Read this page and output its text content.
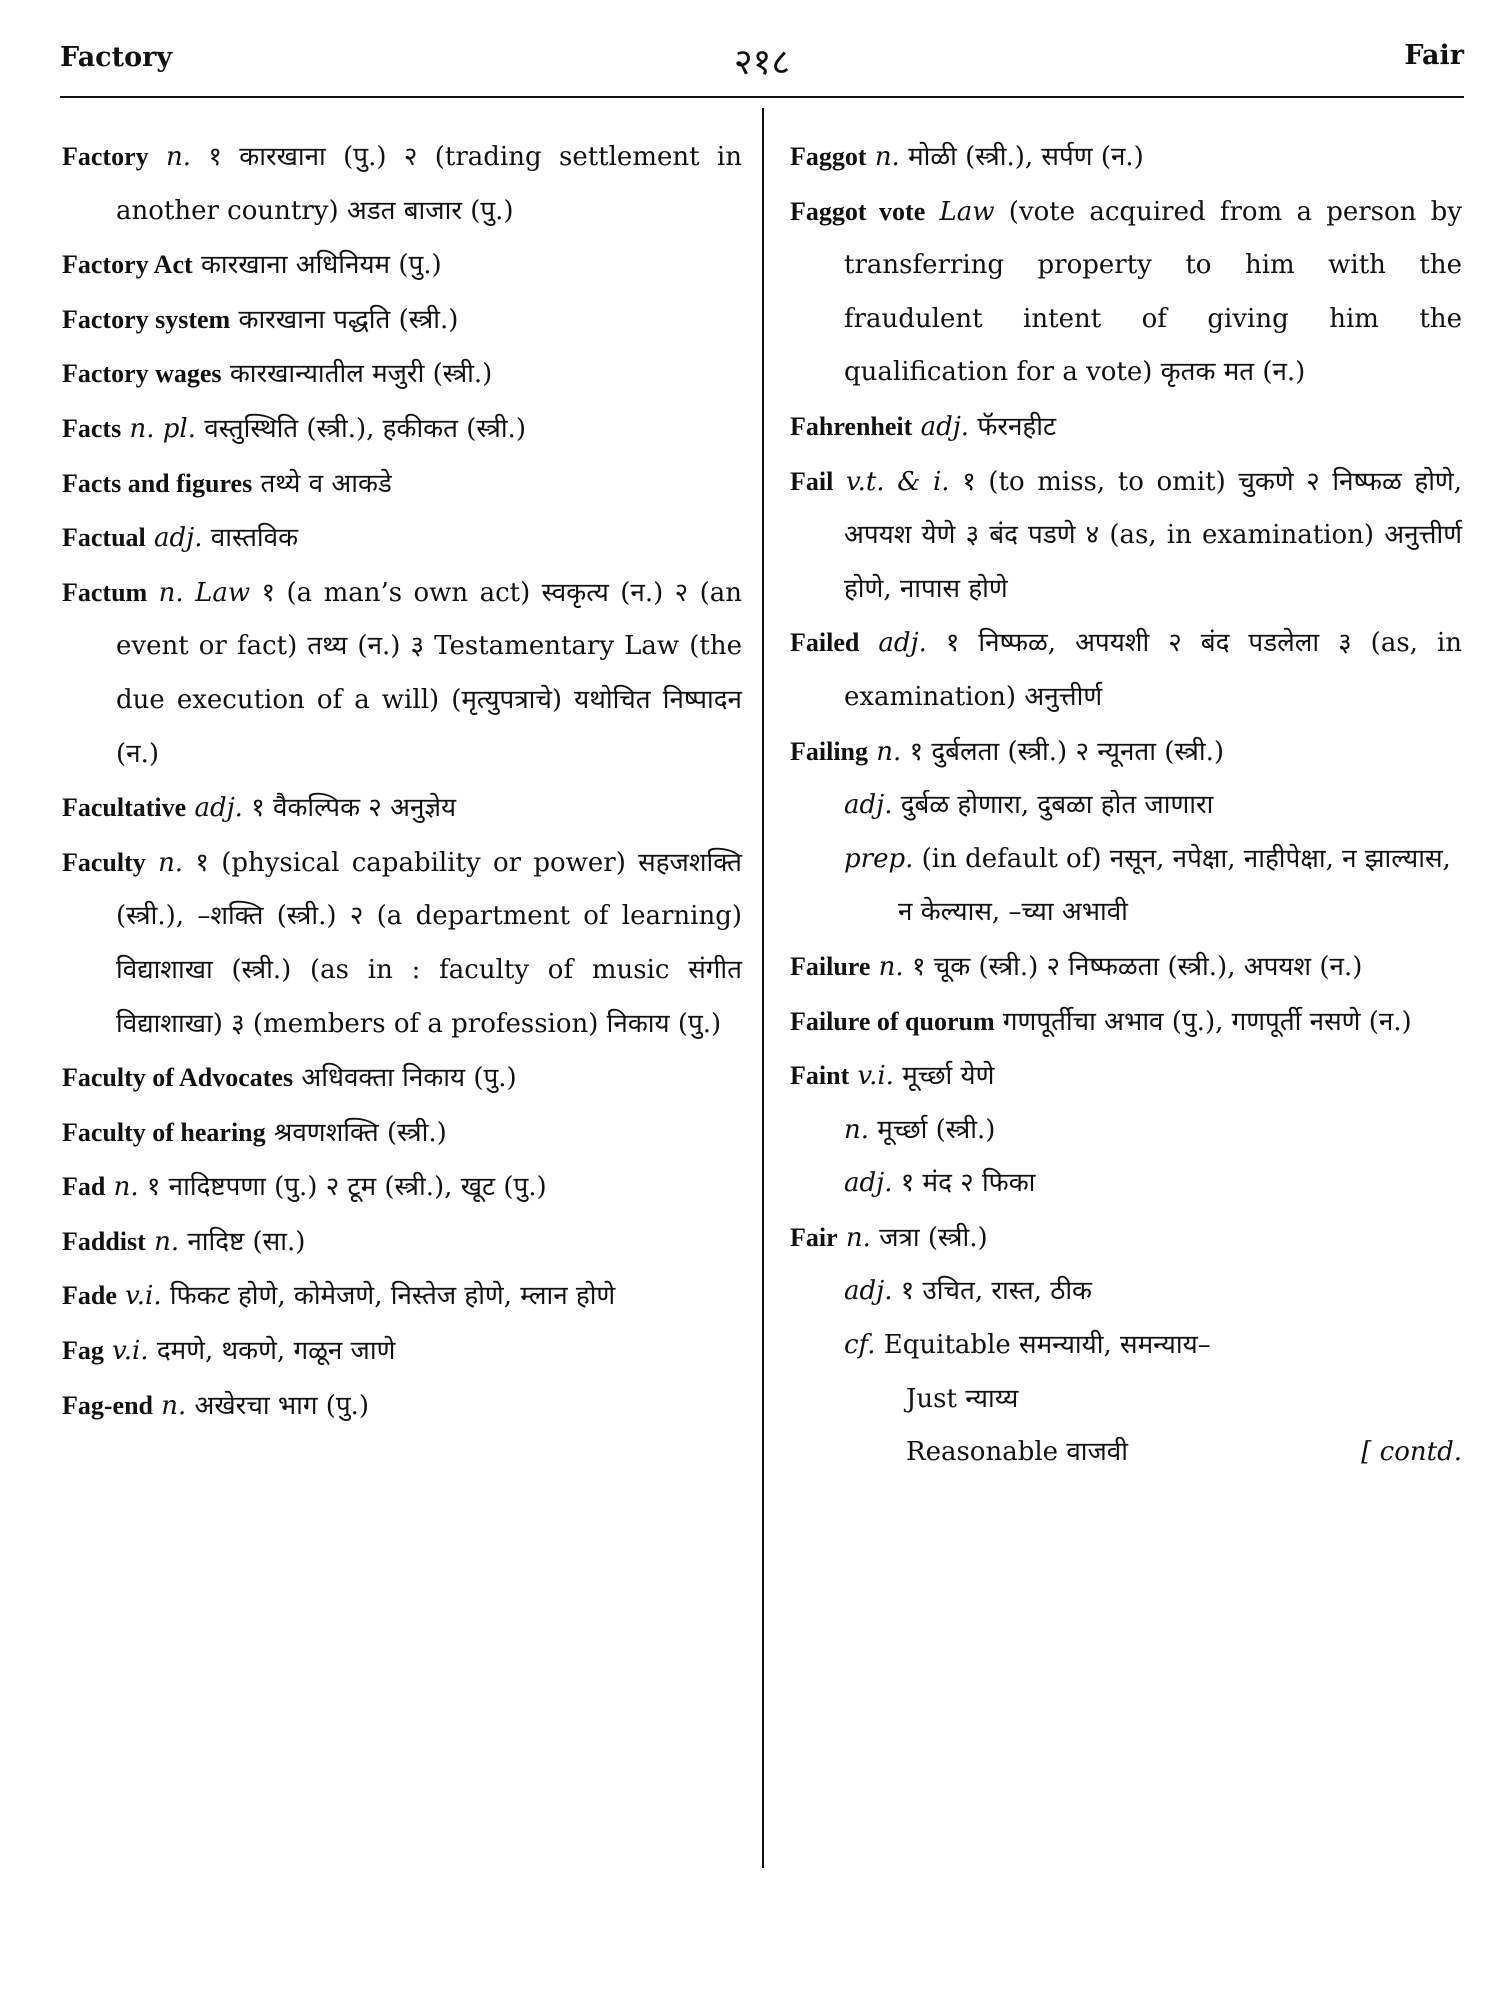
Factory	२१८	Fair

Factory n. १ कारखाना (पु.) २ (trading settlement in another country) अडत बाजार (पु.)

Factory Act कारखाना अधिनियम (पु.)

Factory system कारखाना पद्धति (स्त्री.)

Factory wages कारखान्यातील मजुरी (स्त्री.)

Facts n. pl. वस्तुस्थिति (स्त्री.), हकीकत (स्त्री.)

Facts and figures तथ्ये व आकडे

Factual adj. वास्तविक

Factum n. Law १ (a man’s own act) स्वकृत्य (न.) २ (an event or fact) तथ्य (न.) ३ Testamentary Law (the due execution of a will) (मृत्युपत्राचे) यथोचित निष्पादन (न.)

Facultative adj. १ वैकल्पिक २ अनुज्ञेय

Faculty n. १ (physical capability or power) सहजशक्ति (स्त्री.), –शक्ति (स्त्री.) २ (a department of learning) विद्याशाखा (स्त्री.) (as in : faculty of music संगीत विद्याशाखा) ३ (members of a profession) निकाय (पु.)

Faculty of Advocates अधिवक्ता निकाय (पु.)

Faculty of hearing श्रवणशक्ति (स्त्री.)

Fad n. १ नादिष्टपणा (पु.) २ टूम (स्त्री.), खूट (पु.)

Faddist n. नादिष्ट (सा.)

Fade v.i. फिकट होणे, कोमेजणे, निस्तेज होणे, म्लान होणे

Fag v.i. दमणे, थकणे, गळून जाणे

Fag-end n. अखेरचा भाग (पु.)

Faggot n. मोळी (स्त्री.), सर्पण (न.)

Faggot vote Law (vote acquired from a person by transferring property to him with the fraudulent intent of giving him the qualification for a vote) कृतक मत (न.)

Fahrenheit adj. फॅरनहीट

Fail v.t. & i. १ (to miss, to omit) चुकणे २ निष्फळ होणे, अपयश येणे ३ बंद पडणे ४ (as, in examination) अनुत्तीर्ण होणे, नापास होणे

Failed adj. १ निष्फळ, अपयशी २ बंद पडलेला ३ (as, in examination) अनुत्तीर्ण

Failing n. १ दुर्बलता (स्त्री.) २ न्यूनता (स्त्री.)

adj. दुर्बळ होणारा, दुबळा होत जाणारा

prep. (in default of) नसून, नपेक्षा, नाहीपेक्षा, न झाल्यास, न केल्यास, –च्या अभावी

Failure n. १ चूक (स्त्री.) २ निष्फळता (स्त्री.), अपयश (न.)

Failure of quorum गणपूर्तीचा अभाव (पु.), गणपूर्ती नसणे (न.)

Faint v.i. मूर्च्छा येणे

n. मूर्च्छा (स्त्री.)

adj. १ मंद २ फिका

Fair n. जत्रा (स्त्री.)

adj. १ उचित, रास्त, ठीक

cf. Equitable समन्यायी, समन्याय–

Just न्याय्य

Reasonable वाजवी	[ contd.
